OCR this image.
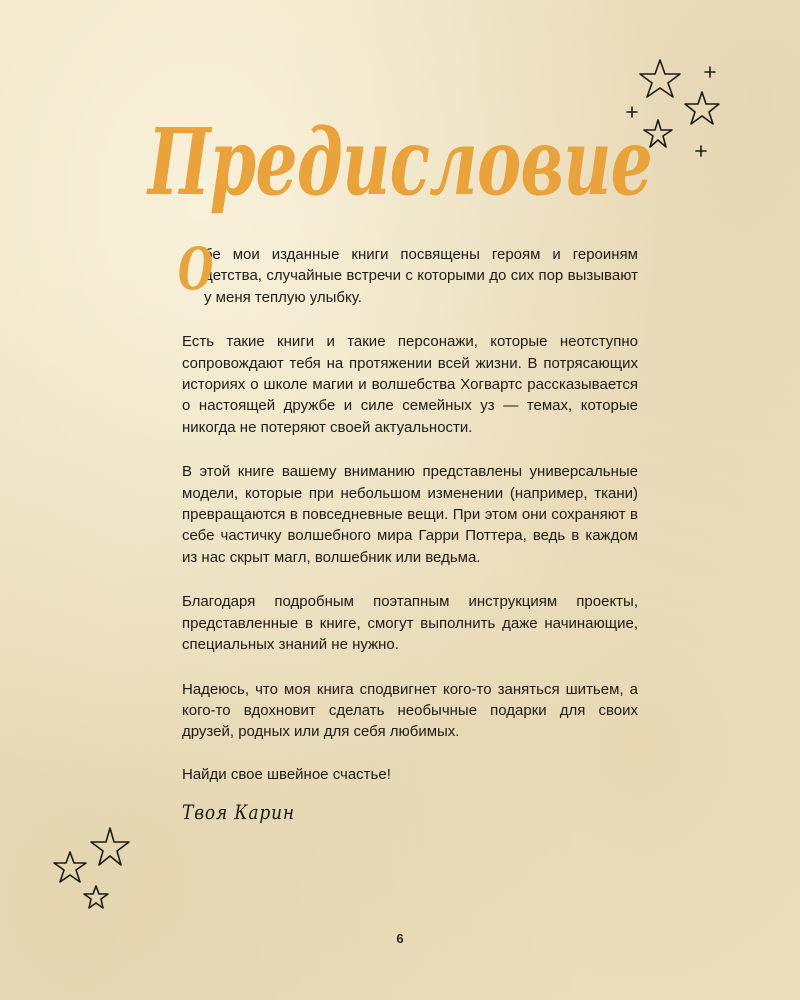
Предисловие

О
бе мои изданные книги посвящены героям и героиням детства, случайные встречи с которыми до сих пор вызывают у меня теплую улыбку.

Есть такие книги и такие персонажи, которые неотступно сопровождают тебя на протяжении всей жизни. В потрясающих историях о школе магии и волшебства Хогвартс рассказывается о настоящей дружбе и силе семейных уз — темах, которые никогда не потеряют своей актуальности.

В этой книге вашему вниманию представлены универсальные модели, которые при небольшом изменении (например, ткани) превращаются в повседневные вещи. При этом они сохраняют в себе частичку волшебного мира Гарри Поттера, ведь в каждом из нас скрыт магл, волшебник или ведьма.

Благодаря подробным поэтапным инструкциям проекты, представленные в книге, смогут выполнить даже начинающие, специальных знаний не нужно.

Надеюсь, что моя книга сподвигнет кого-то заняться шитьем, а кого-то вдохновит сделать необычные подарки для своих друзей, родных или для себя любимых.

Найди свое швейное счастье!

Твоя Карин
6
